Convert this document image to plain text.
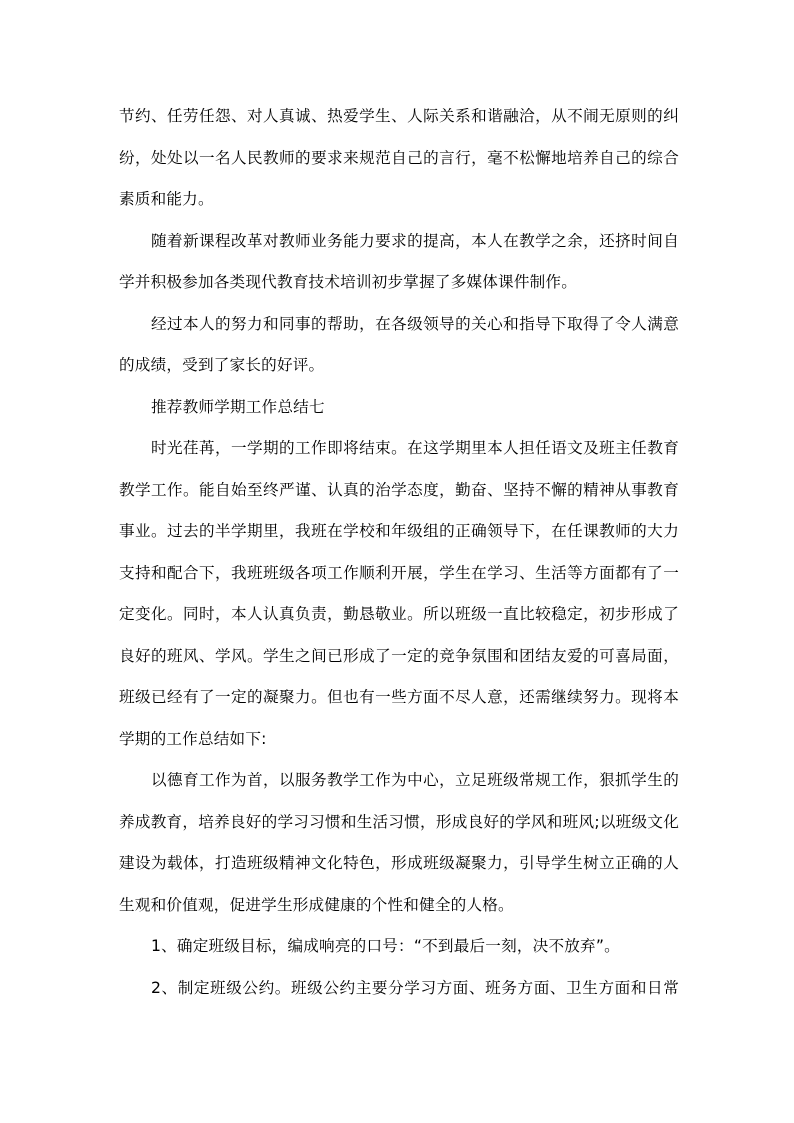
节约、任劳任怨、对人真诚、热爱学生、人际关系和谐融洽，从不闹无原则的纠
纷，处处以一名人民教师的要求来规范自己的言行，毫不松懈地培养自己的综合
素质和能力。
随着新课程改革对教师业务能力要求的提高，本人在教学之余，还挤时间自
学并积极参加各类现代教育技术培训初步掌握了多媒体课件制作。
经过本人的努力和同事的帮助，在各级领导的关心和指导下取得了令人满意
的成绩，受到了家长的好评。
推荐教师学期工作总结七
时光荏苒，一学期的工作即将结束。在这学期里本人担任语文及班主任教育
教学工作。能自始至终严谨、认真的治学态度，勤奋、坚持不懈的精神从事教育
事业。过去的半学期里，我班在学校和年级组的正确领导下，在任课教师的大力
支持和配合下，我班班级各项工作顺利开展，学生在学习、生活等方面都有了一
定变化。同时，本人认真负责，勤恳敬业。所以班级一直比较稳定，初步形成了
良好的班风、学风。学生之间已形成了一定的竞争氛围和团结友爱的可喜局面，
班级已经有了一定的凝聚力。但也有一些方面不尽人意，还需继续努力。现将本
学期的工作总结如下:
以德育工作为首，以服务教学工作为中心，立足班级常规工作，狠抓学生的
养成教育，培养良好的学习习惯和生活习惯，形成良好的学风和班风;以班级文化
建设为载体，打造班级精神文化特色，形成班级凝聚力，引导学生树立正确的人
生观和价值观，促进学生形成健康的个性和健全的人格。
1、确定班级目标，编成响亮的口号：“不到最后一刻，决不放弃”。
2、制定班级公约。班级公约主要分学习方面、班务方面、卫生方面和日常
